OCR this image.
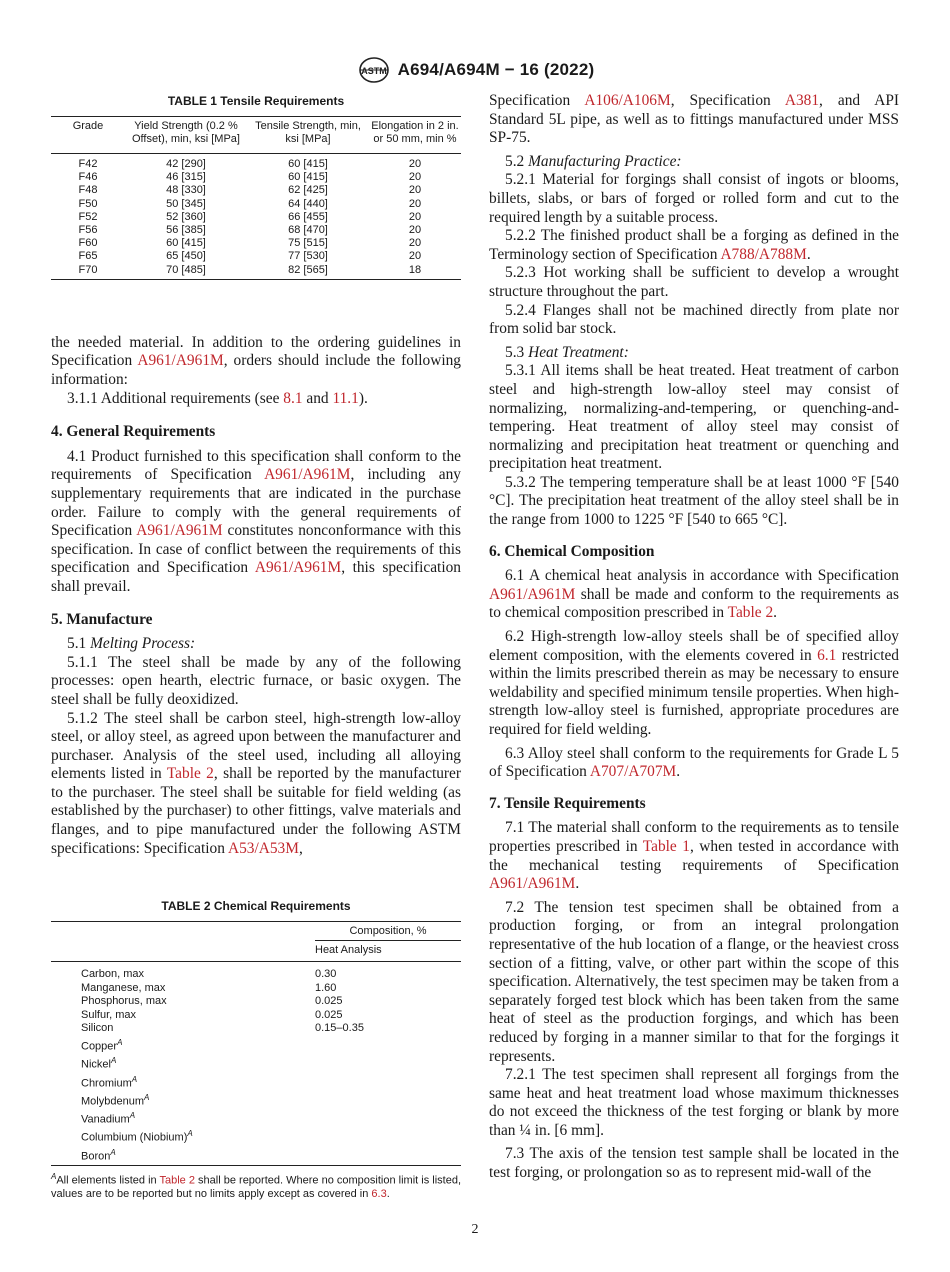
ASTM A694/A694M − 16 (2022)
TABLE 1 Tensile Requirements
Grade	Yield Strength (0.2 % Offset), min, ksi [MPa]	Tensile Strength, min, ksi [MPa]	Elongation in 2 in. or 50 mm, min %
F42	42 [290]	60 [415]	20
F46	46 [315]	60 [415]	20
F48	48 [330]	62 [425]	20
F50	50 [345]	64 [440]	20
F52	52 [360]	66 [455]	20
F56	56 [385]	68 [470]	20
F60	60 [415]	75 [515]	20
F65	65 [450]	77 [530]	20
F70	70 [485]	82 [565]	18

the needed material. In addition to the ordering guidelines in Specification A961/A961M, orders should include the following information:

3.1.1 Additional requirements (see 8.1 and 11.1).

4. General Requirements

4.1 Product furnished to this specification shall conform to the requirements of Specification A961/A961M, including any supplementary requirements that are indicated in the purchase order. Failure to comply with the general requirements of Specification A961/A961M constitutes nonconformance with this specification. In case of conflict between the requirements of this specification and Specification A961/A961M, this specification shall prevail.

5. Manufacture

5.1 Melting Process:

5.1.1 The steel shall be made by any of the following processes: open hearth, electric furnace, or basic oxygen. The steel shall be fully deoxidized.

5.1.2 The steel shall be carbon steel, high-strength low-alloy steel, or alloy steel, as agreed upon between the manufacturer and purchaser. Analysis of the steel used, including all alloying elements listed in Table 2, shall be reported by the manufacturer to the purchaser. The steel shall be suitable for field welding (as established by the purchaser) to other fittings, valve materials and flanges, and to pipe manufactured under the following ASTM specifications: Specification A53/A53M,

TABLE 2 Chemical Requirements
Composition, %
Heat Analysis
Carbon, max	0.30
Manganese, max	1.60
Phosphorus, max	0.025
Sulfur, max	0.025
Silicon	0.15–0.35
Copper$^A$
Nickel$^A$
Chromium$^A$
Molybdenum$^A$
Vanadium$^A$
Columbium (Niobium)$^A$
Boron$^A$
$^A$All elements listed in Table 2 shall be reported. Where no composition limit is listed, values are to be reported but no limits apply except as covered in 6.3.

Specification A106/A106M, Specification A381, and API Standard 5L pipe, as well as to fittings manufactured under MSS SP-75.

5.2 Manufacturing Practice:

5.2.1 Material for forgings shall consist of ingots or blooms, billets, slabs, or bars of forged or rolled form and cut to the required length by a suitable process.

5.2.2 The finished product shall be a forging as defined in the Terminology section of Specification A788/A788M.

5.2.3 Hot working shall be sufficient to develop a wrought structure throughout the part.

5.2.4 Flanges shall not be machined directly from plate nor from solid bar stock.

5.3 Heat Treatment:

5.3.1 All items shall be heat treated. Heat treatment of carbon steel and high-strength low-alloy steel may consist of normalizing, normalizing-and-tempering, or quenching-and-tempering. Heat treatment of alloy steel may consist of normalizing and precipitation heat treatment or quenching and precipitation heat treatment.

5.3.2 The tempering temperature shall be at least 1000 °F [540 °C]. The precipitation heat treatment of the alloy steel shall be in the range from 1000 to 1225 °F [540 to 665 °C].

6. Chemical Composition

6.1 A chemical heat analysis in accordance with Specification A961/A961M shall be made and conform to the requirements as to chemical composition prescribed in Table 2.

6.2 High-strength low-alloy steels shall be of specified alloy element composition, with the elements covered in 6.1 restricted within the limits prescribed therein as may be necessary to ensure weldability and specified minimum tensile properties. When high-strength low-alloy steel is furnished, appropriate procedures are required for field welding.

6.3 Alloy steel shall conform to the requirements for Grade L 5 of Specification A707/A707M.

7. Tensile Requirements

7.1 The material shall conform to the requirements as to tensile properties prescribed in Table 1, when tested in accordance with the mechanical testing requirements of Specification A961/A961M.

7.2 The tension test specimen shall be obtained from a production forging, or from an integral prolongation representative of the hub location of a flange, or the heaviest cross section of a fitting, valve, or other part within the scope of this specification. Alternatively, the test specimen may be taken from a separately forged test block which has been taken from the same heat of steel as the production forgings, and which has been reduced by forging in a manner similar to that for the forgings it represents.

7.2.1 The test specimen shall represent all forgings from the same heat and heat treatment load whose maximum thicknesses do not exceed the thickness of the test forging or blank by more than ¼ in. [6 mm].

7.3 The axis of the tension test sample shall be located in the test forging, or prolongation so as to represent mid-wall of the

2
